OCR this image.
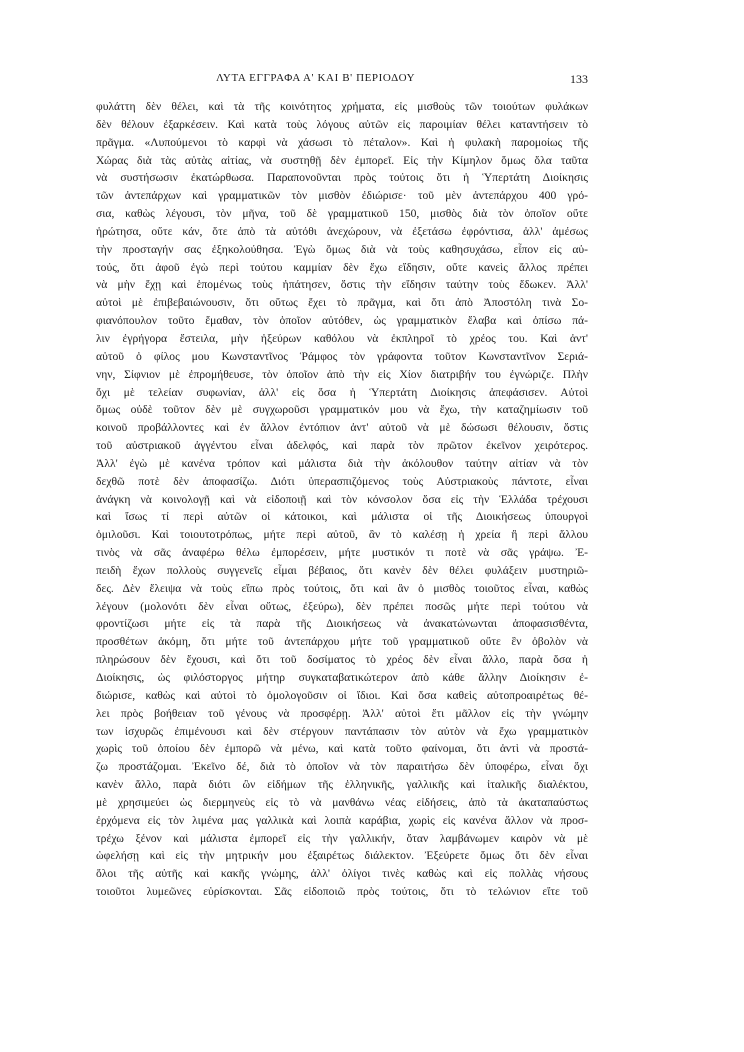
ΛΥΤΑ ΕΓΓΡΑΦΑ Α' ΚΑΙ Β' ΠΕΡΙΟΔΟΥ	133
φυλάττη δὲν θέλει, καὶ τὰ τῆς κοινότητος χρήματα, εἰς μισθοὺς τῶν τοιούτων φυλάκων
δὲν θέλουν ἐξαρκέσειν. Καὶ κατὰ τοὺς λόγους αὐτῶν εἰς παροιμίαν θέλει καταντήσειν τὸ
πρᾶγμα. «Λυπούμενοι τὸ καρφὶ νὰ χάσωσι τὸ πέταλον». Καὶ ἡ φυλακὴ παρομοίως τῆς
Χώρας διὰ τὰς αὐτὰς αἰτίας, νὰ συστηθῇ δὲν ἐμπορεῖ. Εἰς τὴν Κίμηλον ὅμως ὅλα ταῦτα
νὰ συστήσωσιν ἐκατώρθωσα. Παραπονοῦνται πρὸς τούτοις ὅτι ἡ Ὑπερτάτη Διοίκησις
τῶν ἀντεπάρχων καὶ γραμματικῶν τὸν μισθὸν ἐδιώρισε· τοῦ μὲν ἀντεπάρχου 400 γρό-
σια, καθὼς λέγουσι, τὸν μῆνα, τοῦ δὲ γραμματικοῦ 150, μισθὸς διὰ τὸν ὁποῖον οὔτε
ἠρώτησα, οὔτε κάν, ὅτε ἀπὸ τὰ αὐτόθι ἀνεχώρουν, νὰ ἐξετάσω ἐφρόντισα, ἀλλ' ἀμέσως
τὴν προσταγήν σας ἐξηκολούθησα. Ἐγὼ ὅμως διὰ νὰ τοὺς καθησυχάσω, εἶπον εἰς αὐ-
τούς, ὅτι ἀφοῦ ἐγὼ περὶ τούτου καμμίαν δὲν ἔχω εἴδησιν, οὔτε κανεὶς ἄλλος πρέπει
νὰ μὴν ἔχῃ καὶ ἑπομένως τοὺς ἠπάτησεν, ὅστις τὴν εἴδησιν ταύτην τοὺς ἔδωκεν. Ἀλλ'
αὐτοὶ μὲ ἐπιβεβαιώνουσιν, ὅτι οὕτως ἔχει τὸ πρᾶγμα, καὶ ὅτι ἀπὸ Ἀποστόλη τινὰ Σο-
φιανόπουλον τοῦτο ἔμαθαν, τὸν ὁποῖον αὐτόθεν, ὡς γραμματικὸν ἔλαβα καὶ ὀπίσω πά-
λιν ἐγρήγορα ἔστειλα, μὴν ἠξεύρων καθόλου νὰ ἐκπληροῖ τὸ χρέος του. Καὶ ἀντ'
αὐτοῦ ὁ φίλος μου Κωνσταντῖνος Ῥάμφος τὸν γράφοντα τοῦτον Κωνσταντῖνον Σεριά-
νην, Σίφνιον μὲ ἐπρομήθευσε, τὸν ὁποῖον ἀπὸ τὴν εἰς Χίον διατριβήν του ἐγνώριζε. Πλὴν
ὄχι μὲ τελείαν συφωνίαν, ἀλλ' εἰς ὅσα ἡ Ὑπερτάτη Διοίκησις ἀπεφάσισεν. Αὐτοὶ
ὅμως οὐδὲ τοῦτον δὲν μὲ συγχωροῦσι γραμματικόν μου νὰ ἔχω, τὴν καταζημίωσιν τοῦ
κοινοῦ προβάλλοντες καὶ ἐν ἄλλον ἐντόπιον ἀντ' αὐτοῦ νὰ μὲ δώσωσι θέλουσιν, ὅστις
τοῦ αὐστριακοῦ ἀγγέντου εἶναι ἀδελφός, καὶ παρὰ τὸν πρῶτον ἐκεῖνον χειρότερος.
Ἀλλ' ἐγὼ μὲ κανένα τρόπον καὶ μάλιστα διὰ τὴν ἀκόλουθον ταύτην αἰτίαν νὰ τὸν
δεχθῶ ποτὲ δὲν ἀποφασίζω. Διότι ὑπερασπιζόμενος τοὺς Αὐστριακοὺς πάντοτε, εἶναι
ἀνάγκη νὰ κοινολογῇ καὶ νὰ εἰδοποιῇ καὶ τὸν κόνσολον ὅσα εἰς τὴν Ἑλλάδα τρέχουσι
καὶ ἴσως τί περὶ αὐτῶν οἱ κάτοικοι, καὶ μάλιστα οἱ τῆς Διοικήσεως ὑπουργοὶ
ὁμιλοῦσι. Καὶ τοιουτοτρόπως, μήτε περὶ αὐτοῦ, ἂν τὸ καλέσῃ ἡ χρεία ἢ περὶ ἄλλου
τινὸς νὰ σᾶς ἀναφέρω θέλω ἐμπορέσειν, μήτε μυστικόν τι ποτὲ νὰ σᾶς γράψω. Ἐ-
πειδὴ ἔχων πολλοὺς συγγενεῖς εἶμαι βέβαιος, ὅτι κανὲν δὲν θέλει φυλάξειν μυστηριῶ-
δες. Δὲν ἔλειψα νὰ τοὺς εἴπω πρὸς τούτοις, ὅτι καὶ ἂν ὁ μισθὸς τοιοῦτος εἶναι, καθὼς
λέγουν (μολονότι δὲν εἶναι οὕτως, ἐξεύρω), δὲν πρέπει ποσῶς μήτε περὶ τούτου νὰ
φροντίζωσι μήτε εἰς τὰ παρὰ τῆς Διοικήσεως νὰ ἀνακατώνωνται ἀποφασισθέντα,
προσθέτων ἀκόμη, ὅτι μήτε τοῦ ἀντεπάρχου μήτε τοῦ γραμματικοῦ οὔτε ἓν ὀβολὸν νὰ
πληρώσουν δὲν ἔχουσι, καὶ ὅτι τοῦ δοσίματος τὸ χρέος δὲν εἶναι ἄλλο, παρὰ ὅσα ἡ
Διοίκησις, ὡς φιλόστοργος μήτηρ συγκαταβατικώτερον ἀπὸ κάθε ἄλλην Διοίκησιν ἐ-
διώρισε, καθὼς καὶ αὐτοὶ τὸ ὁμολογοῦσιν οἱ ἴδιοι. Καὶ ὅσα καθεὶς αὐτοπροαιρέτως θέ-
λει πρὸς βοήθειαν τοῦ γένους νὰ προσφέρῃ. Ἀλλ' αὐτοὶ ἔτι μᾶλλον εἰς τὴν γνώμην
των ἰσχυρῶς ἐπιμένουσι καὶ δὲν στέργουν παντάπασιν τὸν αὐτὸν νὰ ἔχω γραμματικὸν
χωρὶς τοῦ ὁποίου δὲν ἐμπορῶ νὰ μένω, καὶ κατὰ τοῦτο φαίνομαι, ὅτι ἀντὶ νὰ προστά-
ζω προστάζομαι. Ἐκεῖνο δέ, διὰ τὸ ὁποῖον νὰ τὸν παραιτήσω δὲν ὑποφέρω, εἶναι ὄχι
κανὲν ἄλλο, παρὰ διότι ὢν εἰδήμων τῆς ἑλληνικῆς, γαλλικῆς καὶ ἰταλικῆς διαλέκτου,
μὲ χρησιμεύει ὡς διερμηνεὺς εἰς τὸ νὰ μανθάνω νέας εἰδήσεις, ἀπὸ τὰ ἀκαταπαύστως
ἐρχόμενα εἰς τὸν λιμένα μας γαλλικὰ καὶ λοιπὰ καράβια, χωρὶς εἰς κανένα ἄλλον νὰ προσ-
τρέχω ξένον καὶ μάλιστα ἐμπορεῖ εἰς τὴν γαλλικήν, ὅταν λαμβάνωμεν καιρὸν νὰ μὲ
ὠφελήσῃ καὶ εἰς τὴν μητρικήν μου ἐξαιρέτως διάλεκτον. Ἐξεύρετε ὅμως ὅτι δὲν εἶναι
ὅλοι τῆς αὐτῆς καὶ κακῆς γνώμης, ἀλλ' ὀλίγοι τινὲς καθὼς καὶ εἰς πολλὰς νήσους
τοιοῦτοι λυμεῶνες εὑρίσκονται. Σᾶς εἰδοποιῶ πρὸς τούτοις, ὅτι τὸ τελώνιον εἴτε τοῦ
